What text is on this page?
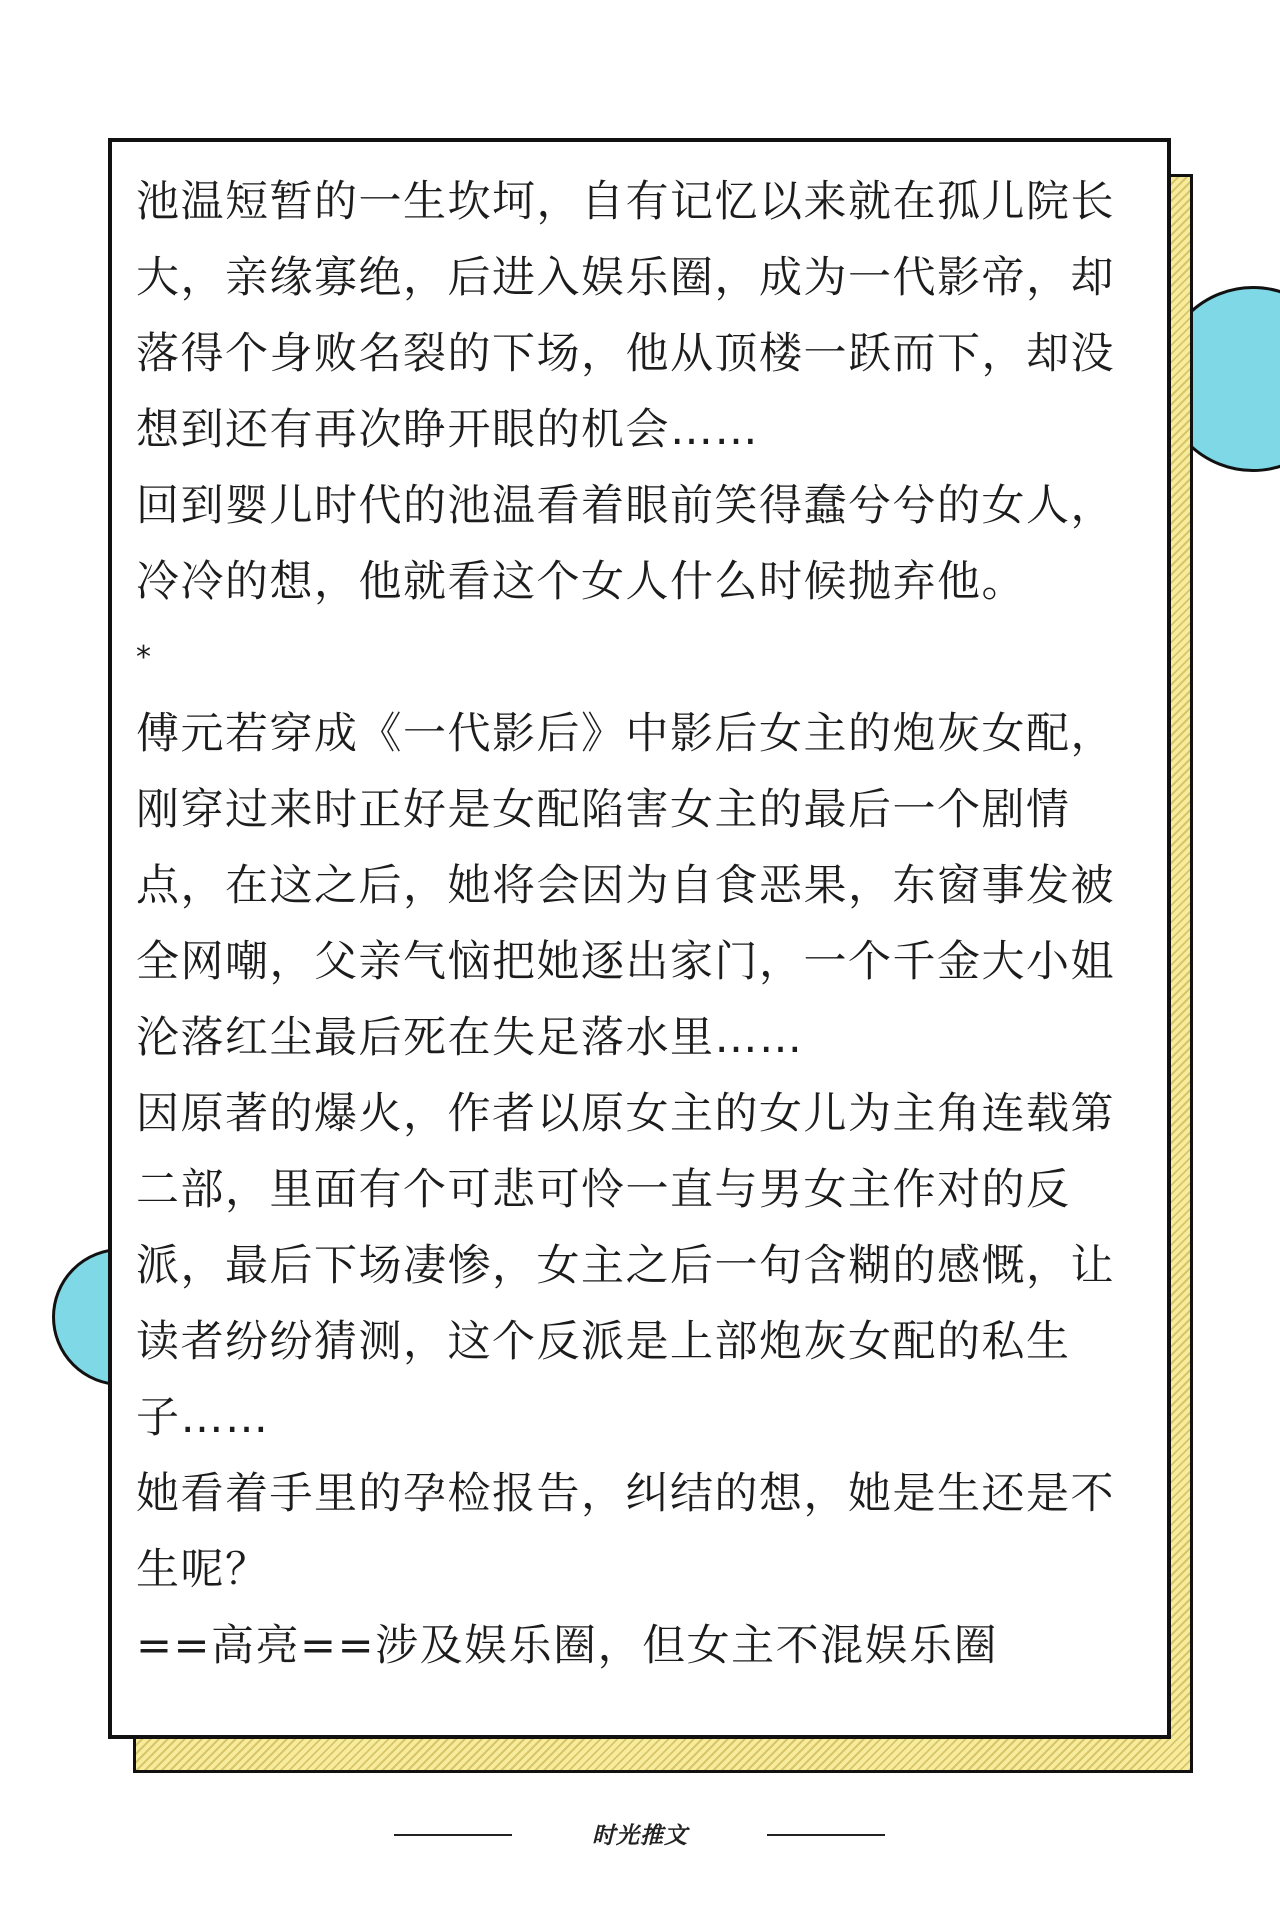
池温短暂的一生坎坷，自有记忆以来就在孤儿院长大，亲缘寡绝，后进入娱乐圈，成为一代影帝，却落得个身败名裂的下场，他从顶楼一跃而下，却没想到还有再次睁开眼的机会……

回到婴儿时代的池温看着眼前笑得蠢兮兮的女人，冷冷的想，他就看这个女人什么时候抛弃他。

*

傅元若穿成《一代影后》中影后女主的炮灰女配，刚穿过来时正好是女配陷害女主的最后一个剧情点，在这之后，她将会因为自食恶果，东窗事发被全网嘲，父亲气恼把她逐出家门，一个千金大小姐沦落红尘最后死在失足落水里……

因原著的爆火，作者以原女主的女儿为主角连载第二部，里面有个可悲可怜一直与男女主作对的反派，最后下场凄惨，女主之后一句含糊的感慨，让读者纷纷猜测，这个反派是上部炮灰女配的私生子……

她看着手里的孕检报告，纠结的想，她是生还是不生呢？

==高亮==涉及娱乐圈，但女主不混娱乐圈

时光推文
